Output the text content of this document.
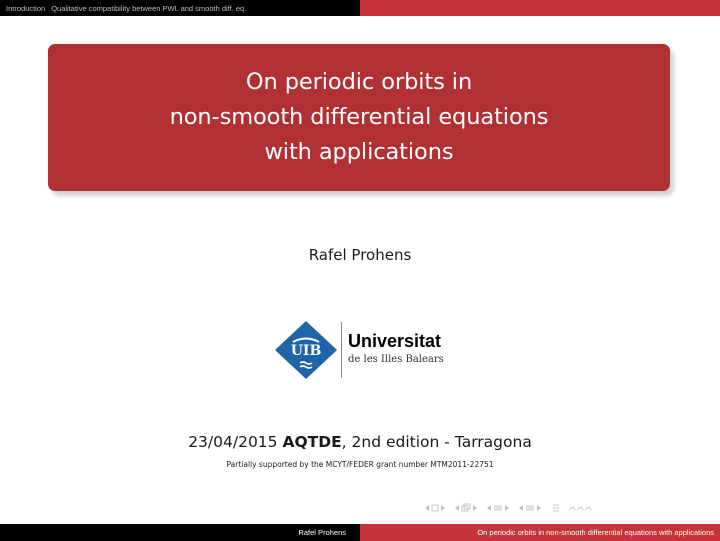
Introduction Qualitative compatibility between PWL and smooth diff. eq.
On periodic orbits in
non-smooth differential equations
with applications
Rafel Prohens
UIB Universitat
de les Illes Balears
23/04/2015 AQTDE, 2nd edition - Tarragona
Partially supported by the MCYT/FEDER grant number MTM2011-22751
Rafel Prohens	On periodic orbits in non-smooth differential equations with applications
